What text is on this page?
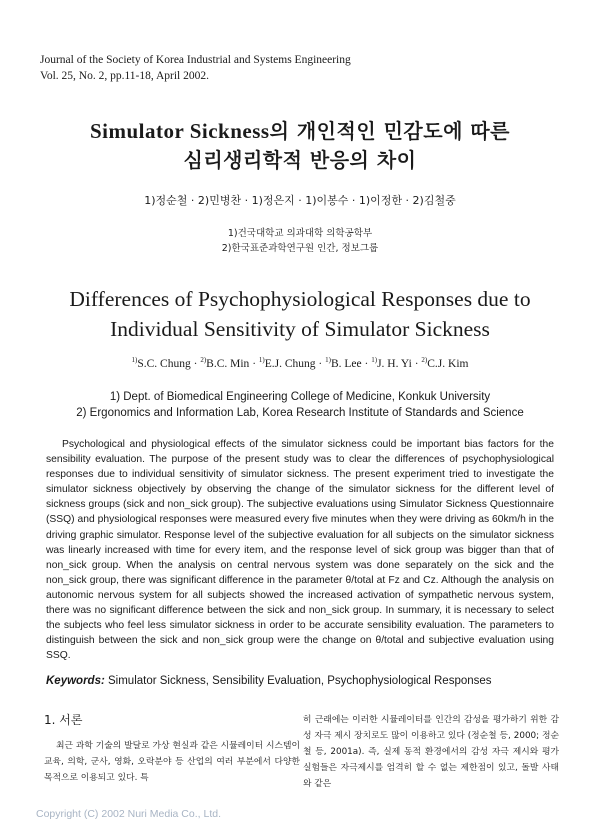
Journal of the Society of Korea Industrial and Systems Engineering
Vol. 25, No. 2, pp.11-18, April 2002.
Simulator Sickness의 개인적인 민감도에 따른
심리생리학적 반응의 차이
1)정순철 · 2)민병찬 · 1)정은지 · 1)이봉수 · 1)이정한 · 2)김철중
1)건국대학교 의과대학 의학공학부
2)한국표준과학연구원 인간, 정보그룹
Differences of Psychophysiological Responses due to
Individual Sensitivity of Simulator Sickness
$^{1)}$S.C. Chung · $^{2)}$B.C. Min · $^{1)}$E.J. Chung · $^{1)}$B. Lee · $^{1)}$J. H. Yi · $^{2)}$C.J. Kim
1) Dept. of Biomedical Engineering College of Medicine, Konkuk University
2) Ergonomics and Information Lab, Korea Research Institute of Standards and Science

Psychological and physiological effects of the simulator sickness could be important bias factors for the sensibility evaluation. The purpose of the present study was to clear the differences of psychophysiological responses due to individual sensitivity of simulator sickness. The present experiment tried to investigate the simulator sickness objectively by observing the change of the simulator sickness for the different level of sickness groups (sick and non_sick group). The subjective evaluations using Simulator Sickness Questionnaire (SSQ) and physiological responses were measured every five minutes when they were driving as 60km/h in the driving graphic simulator. Response level of the subjective evaluation for all subjects on the simulator sickness was linearly increased with time for every item, and the response level of sick group was bigger than that of non_sick group. When the analysis on central nervous system was done separately on the sick and the non_sick group, there was significant difference in the parameter θ/total at Fz and Cz. Although the analysis on autonomic nervous system for all subjects showed the increased activation of sympathetic nervous system, there was no significant difference between the sick and non_sick group. In summary, it is necessary to select the subjects who feel less simulator sickness in order to be accurate sensibility evaluation. The parameters to distinguish between the sick and non_sick group were the change on θ/total and subjective evaluation using SSQ.

Keywords: Simulator Sickness, Sensibility Evaluation, Psychophysiological Responses
1. 서론

최근 과학 기술의 발달로 가상 현실과 같은 시뮬레이터 시스템이 교육, 의학, 군사, 영화, 오락분야 등 산업의 여러 부분에서 다양한 목적으로 이용되고 있다. 특

히 근래에는 이러한 시뮬레이터를 인간의 감성을 평가하기 위한 감성 자극 제시 장치로도 많이 이용하고 있다 (정순철 등, 2000; 정순철 등, 2001a). 즉, 실제 동적 환경에서의 감성 자극 제시와 평가 실험들은 자극제시를 엄격히 할 수 없는 제한점이 있고, 돌발 사태와 같은

Copyright (C) 2002 Nuri Media Co., Ltd.
